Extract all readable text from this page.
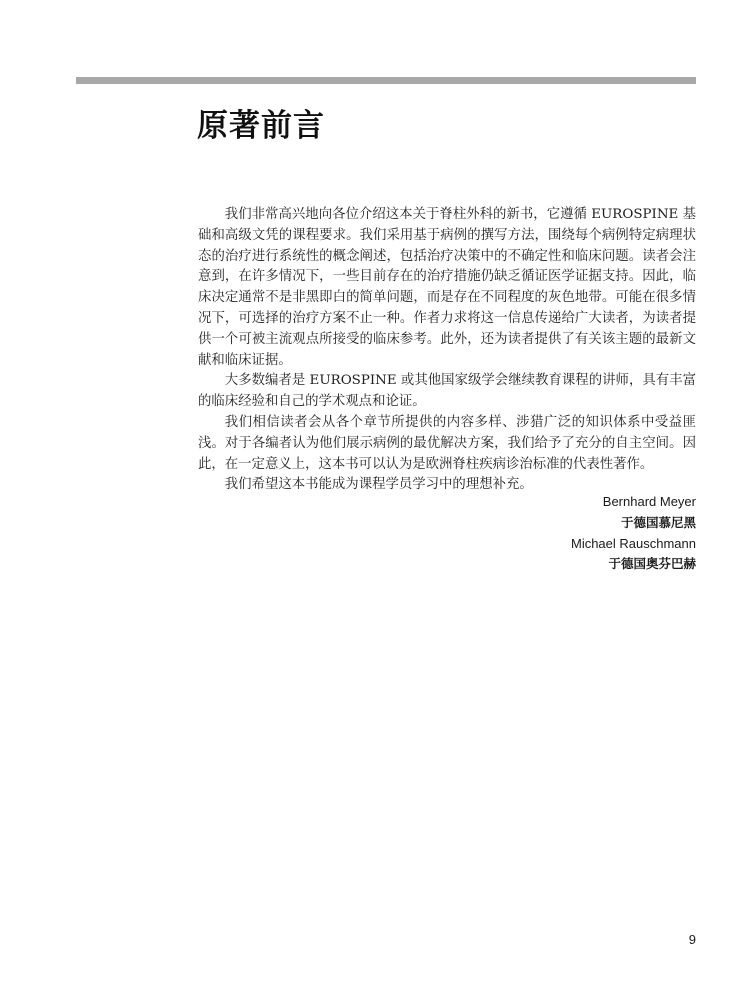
原著前言

我们非常高兴地向各位介绍这本关于脊柱外科的新书，它遵循 EUROSPINE 基础和高级文凭的课程要求。我们采用基于病例的撰写方法，围绕每个病例特定病理状态的治疗进行系统性的概念阐述，包括治疗决策中的不确定性和临床问题。读者会注意到，在许多情况下，一些目前存在的治疗措施仍缺乏循证医学证据支持。因此，临床决定通常不是非黑即白的简单问题，而是存在不同程度的灰色地带。可能在很多情况下，可选择的治疗方案不止一种。作者力求将这一信息传递给广大读者，为读者提供一个可被主流观点所接受的临床参考。此外，还为读者提供了有关该主题的最新文献和临床证据。

大多数编者是 EUROSPINE 或其他国家级学会继续教育课程的讲师，具有丰富的临床经验和自己的学术观点和论证。

我们相信读者会从各个章节所提供的内容多样、涉猎广泛的知识体系中受益匪浅。对于各编者认为他们展示病例的最优解决方案，我们给予了充分的自主空间。因此，在一定意义上，这本书可以认为是欧洲脊柱疾病诊治标准的代表性著作。

我们希望这本书能成为课程学员学习中的理想补充。

Bernhard Meyer
于德国慕尼黑
Michael Rauschmann
于德国奥芬巴赫
9
